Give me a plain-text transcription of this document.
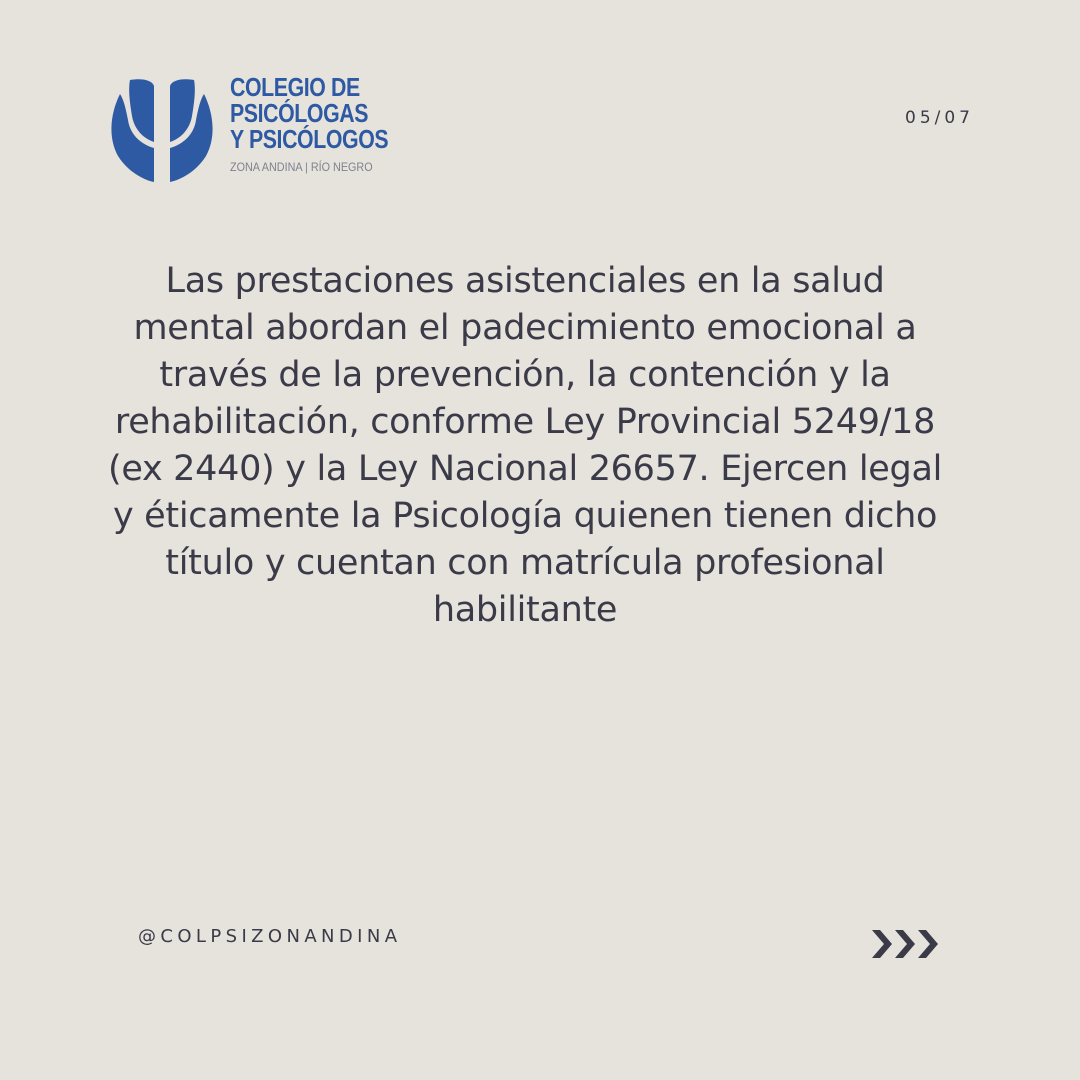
COLEGIO DE
PSICÓLOGAS
Y PSICÓLOGOS
ZONA ANDINA | RÍO NEGRO
05/07

Las prestaciones asistenciales en la salud mental abordan el padecimiento emocional a través de la prevención, la contención y la rehabilitación, conforme Ley Provincial 5249/18 (ex 2440) y la Ley Nacional 26657. Ejercen legal y éticamente la Psicología quienen tienen dicho título y cuentan con matrícula profesional habilitante

@COLPSIZONANDINA
